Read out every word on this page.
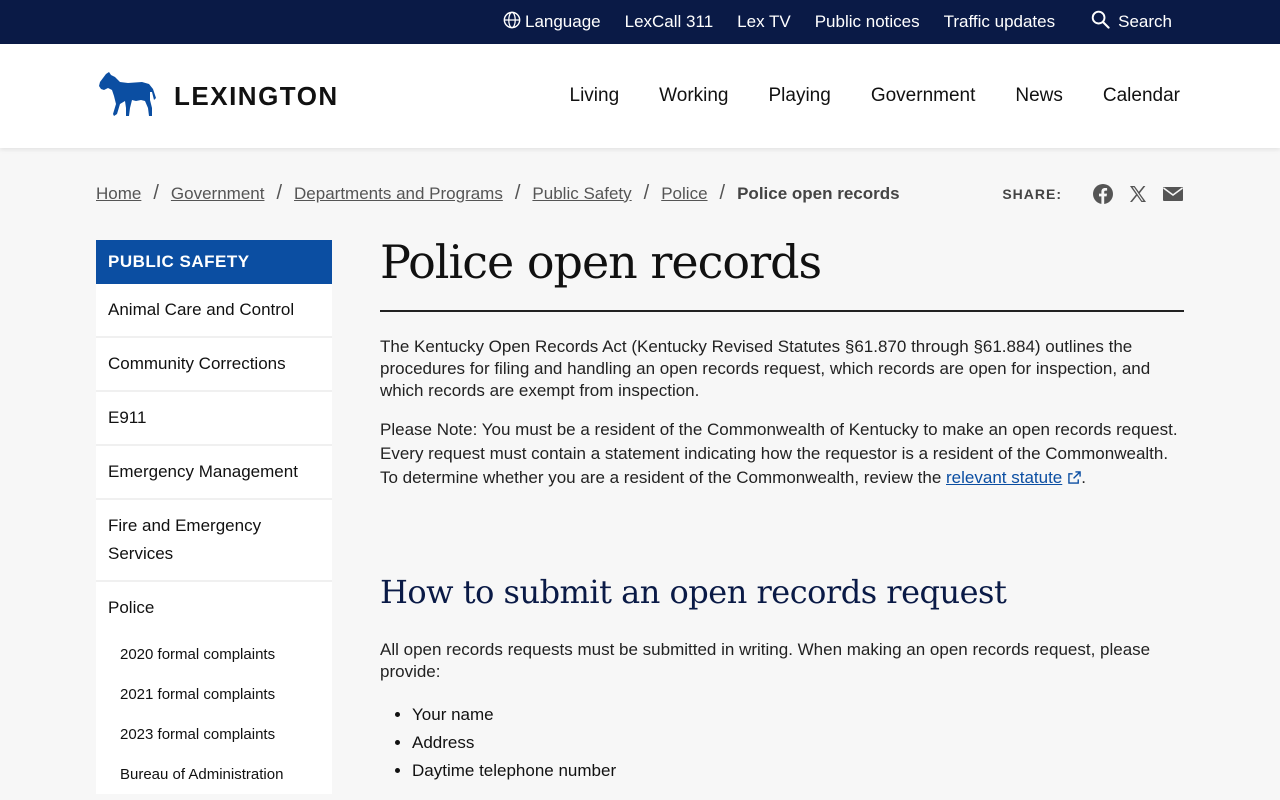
Language LexCall 311 Lex TV Public notices Traffic updates	Search
LEXINGTON	Living Working Playing Government News Calendar
Home / Government / Departments and Programs / Public Safety / Police / Police open records	SHARE:
PUBLIC SAFETY
Animal Care and Control
Community Corrections
E911
Emergency Management
Fire and Emergency Services
Police
2020 formal complaints
2021 formal complaints
2023 formal complaints
Bureau of Administration
Police open records

The Kentucky Open Records Act (Kentucky Revised Statutes §61.870 through §61.884) outlines the procedures for filing and handling an open records request, which records are open for inspection, and which records are exempt from inspection.

Please Note: You must be a resident of the Commonwealth of Kentucky to make an open records request. Every request must contain a statement indicating how the requestor is a resident of the Commonwealth. To determine whether you are a resident of the Commonwealth, review the relevant statute .

How to submit an open records request

All open records requests must be submitted in writing. When making an open records request, please provide:

• Your name
• Address
• Daytime telephone number
